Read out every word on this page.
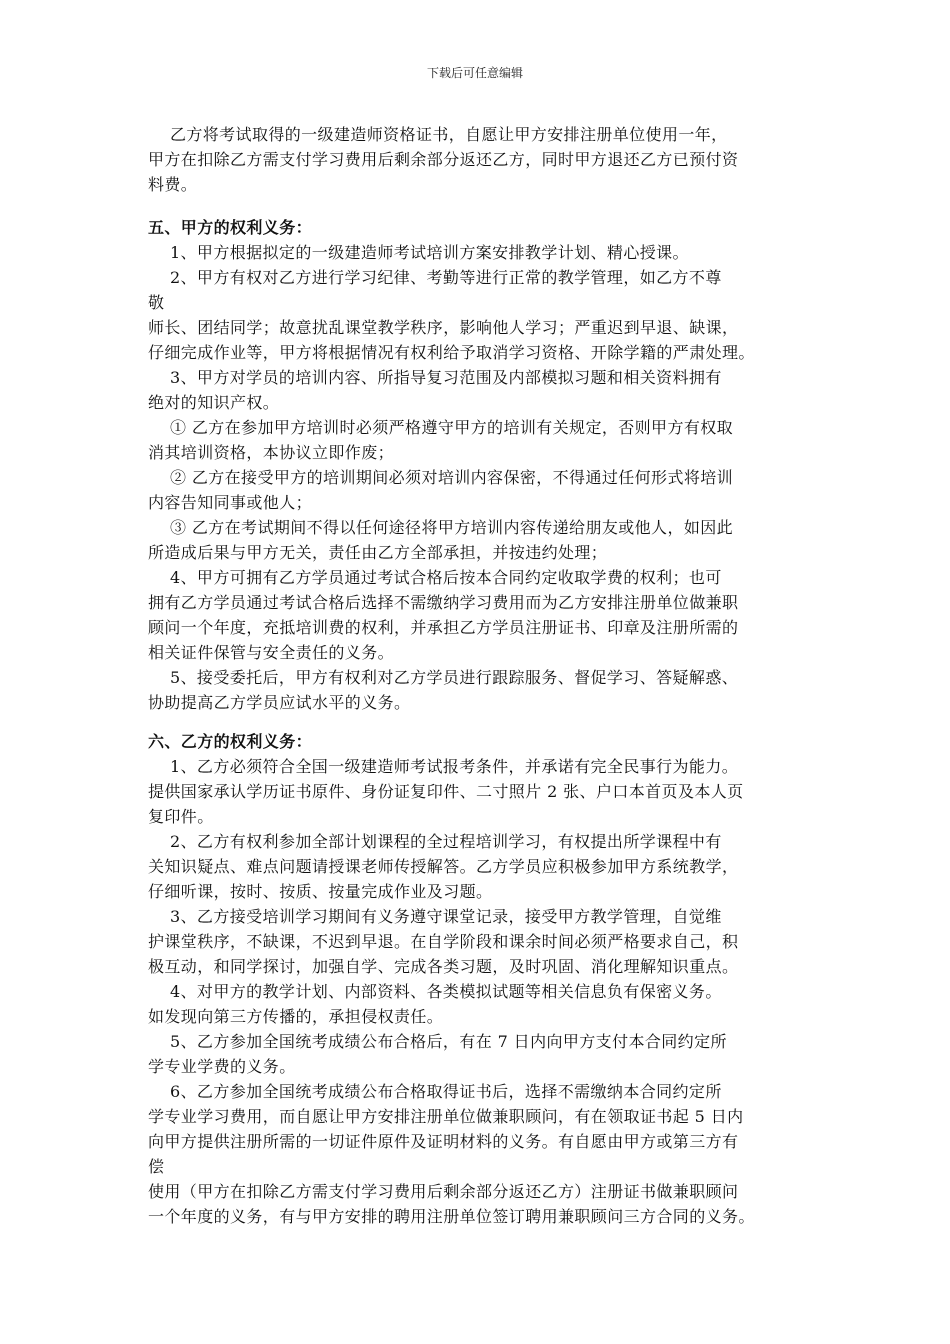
下载后可任意编辑

乙方将考试取得的一级建造师资格证书，自愿让甲方安排注册单位使用一年，

甲方在扣除乙方需支付学习费用后剩余部分返还乙方，同时甲方退还乙方已预付资

料费。

五、甲方的权利义务：

1、甲方根据拟定的一级建造师考试培训方案安排教学计划、精心授课。

2、甲方有权对乙方进行学习纪律、考勤等进行正常的教学管理，如乙方不尊

敬

师长、团结同学；故意扰乱课堂教学秩序，影响他人学习；严重迟到早退、缺课，

仔细完成作业等，甲方将根据情况有权利给予取消学习资格、开除学籍的严肃处理。

3、甲方对学员的培训内容、所指导复习范围及内部模拟习题和相关资料拥有

绝对的知识产权。

① 乙方在参加甲方培训时必须严格遵守甲方的培训有关规定，否则甲方有权取

消其培训资格，本协议立即作废；

② 乙方在接受甲方的培训期间必须对培训内容保密，不得通过任何形式将培训

内容告知同事或他人；

③ 乙方在考试期间不得以任何途径将甲方培训内容传递给朋友或他人，如因此

所造成后果与甲方无关，责任由乙方全部承担，并按违约处理；

4、甲方可拥有乙方学员通过考试合格后按本合同约定收取学费的权利；也可

拥有乙方学员通过考试合格后选择不需缴纳学习费用而为乙方安排注册单位做兼职

顾问一个年度，充抵培训费的权利，并承担乙方学员注册证书、印章及注册所需的

相关证件保管与安全责任的义务。

5、接受委托后，甲方有权利对乙方学员进行跟踪服务、督促学习、答疑解惑、

协助提高乙方学员应试水平的义务。

六、乙方的权利义务：

1、乙方必须符合全国一级建造师考试报考条件，并承诺有完全民事行为能力。

提供国家承认学历证书原件、身份证复印件、二寸照片 2 张、户口本首页及本人页

复印件。

2、乙方有权利参加全部计划课程的全过程培训学习，有权提出所学课程中有

关知识疑点、难点问题请授课老师传授解答。乙方学员应积极参加甲方系统教学，

仔细听课，按时、按质、按量完成作业及习题。

3、乙方接受培训学习期间有义务遵守课堂记录，接受甲方教学管理，自觉维

护课堂秩序，不缺课，不迟到早退。在自学阶段和课余时间必须严格要求自己，积

极互动，和同学探讨，加强自学、完成各类习题，及时巩固、消化理解知识重点。

4、对甲方的教学计划、内部资料、各类模拟试题等相关信息负有保密义务。

如发现向第三方传播的，承担侵权责任。

5、乙方参加全国统考成绩公布合格后，有在 7 日内向甲方支付本合同约定所

学专业学费的义务。

6、乙方参加全国统考成绩公布合格取得证书后，选择不需缴纳本合同约定所

学专业学习费用，而自愿让甲方安排注册单位做兼职顾问，有在领取证书起 5 日内

向甲方提供注册所需的一切证件原件及证明材料的义务。有自愿由甲方或第三方有

偿

使用（甲方在扣除乙方需支付学习费用后剩余部分返还乙方）注册证书做兼职顾问

一个年度的义务，有与甲方安排的聘用注册单位签订聘用兼职顾问三方合同的义务。
